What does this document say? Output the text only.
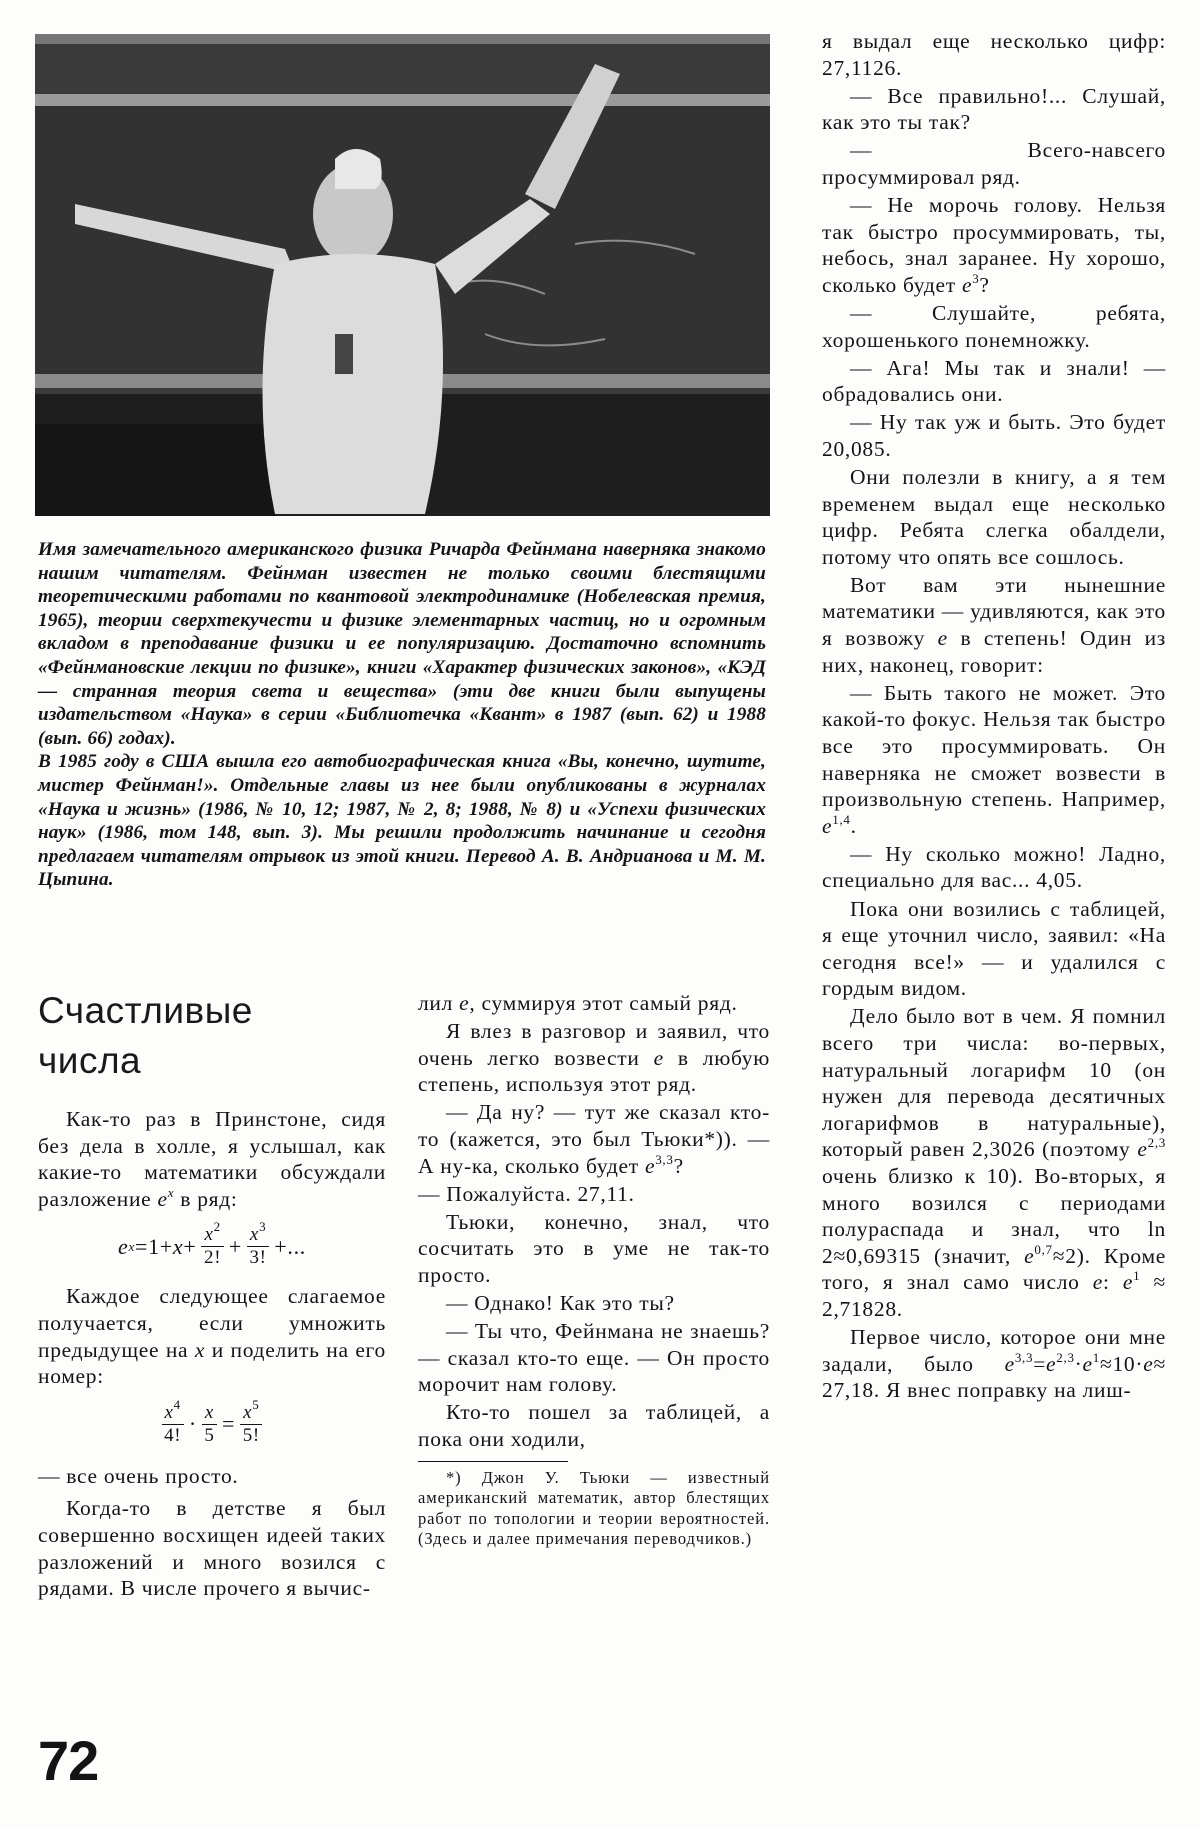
Имя замечательного американского физика Ричарда Фейнмана наверняка знакомо нашим читателям. Фейнман известен не только своими блестящими теоретическими работами по квантовой электродинамике (Нобелевская премия, 1965), теории сверхтекучести и физике элементарных частиц, но и огромным вкладом в преподавание физики и ее популяризацию. Достаточно вспомнить «Фейнмановские лекции по физике», книги «Характер физических законов», «КЭД — странная теория света и вещества» (эти две книги были выпущены издательством «Наука» в серии «Библиотечка «Квант» в 1987 (вып. 62) и 1988 (вып. 66) годах).

В 1985 году в США вышла его автобиографическая книга «Вы, конечно, шутите, мистер Фейнман!». Отдельные главы из нее были опубликованы в журналах «Наука и жизнь» (1986, № 10, 12; 1987, № 2, 8; 1988, № 8) и «Успехи физических наук» (1986, том 148, вып. 3). Мы решили продолжить начинание и сегодня предлагаем читателям отрывок из этой книги. Перевод А. В. Андрианова и М. М. Цыпина.

Счастливые
числа

Как-то раз в Принстоне, сидя без дела в холле, я услышал, как какие-то математики обсуждали разложение $e^x$ в ряд:

e $x =1+ x + \frac{x^2}{2!} + \frac{x^3}{3!}$ +...

Каждое следующее слагаемое получается, если умножить предыдущее на x и поделить на его номер:

$\frac{x^4}{4!} \cdot \frac{x}{5} = \frac{x^5}{5!}$

— все очень просто.

Когда-то в детстве я был совершенно восхищен идеей таких разложений и много возился с рядами. В числе прочего я вычис-

лил e, суммируя этот самый ряд.

Я влез в разговор и заявил, что очень легко возвести e в любую степень, используя этот ряд.

— Да ну? — тут же сказал кто-то (кажется, это был Тьюки*)). — А ну-ка, сколько будет $e^{3,3}$?

— Пожалуйста. 27,11.

Тьюки, конечно, знал, что сосчитать это в уме не так-то просто.

— Однако! Как это ты?

— Ты что, Фейнмана не знаешь? — сказал кто-то еще. — Он просто морочит нам голову.

Кто-то пошел за таблицей, а пока они ходили,

*) Джон У. Тьюки — известный американский математик, автор блестящих работ по топологии и теории вероятностей. (Здесь и далее примечания переводчиков.)

я выдал еще несколько цифр: 27,1126.

— Все правильно!... Слушай, как это ты так?

— Всего-навсего просуммировал ряд.

— Не морочь голову. Нельзя так быстро просуммировать, ты, небось, знал заранее. Ну хорошо, сколько будет $e^3$?

— Слушайте, ребята, хорошенького понемножку.

— Ага! Мы так и знали! — обрадовались они.

— Ну так уж и быть. Это будет 20,085.

Они полезли в книгу, а я тем временем выдал еще несколько цифр. Ребята слегка обалдели, потому что опять все сошлось.

Вот вам эти нынешние математики — удивляются, как это я возвожу e в степень! Один из них, наконец, говорит:

— Быть такого не может. Это какой-то фокус. Нельзя так быстро все это просуммировать. Он наверняка не сможет возвести в произвольную степень. Например, $e^{1,4}$.

— Ну сколько можно! Ладно, специально для вас... 4,05.

Пока они возились с таблицей, я еще уточнил число, заявил: «На сегодня все!» — и удалился с гордым видом.

Дело было вот в чем. Я помнил всего три числа: во-первых, натуральный логарифм 10 (он нужен для перевода десятичных логарифмов в натуральные), который равен 2,3026 (поэтому $e^{2,3}$ очень близко к 10). Во-вторых, я много возился с периодами полураспада и знал, что ln 2≈0,69315 (значит, $e^{0,7}\approx 2$). Кроме того, я знал само число e: $e^1 \approx 2,71828$.

Первое число, которое они мне задали, было $e^{3,3}=e^{2,3}\cdot e^1\approx 10\cdot e\approx 27,18$. Я внес поправку на лиш-

72
